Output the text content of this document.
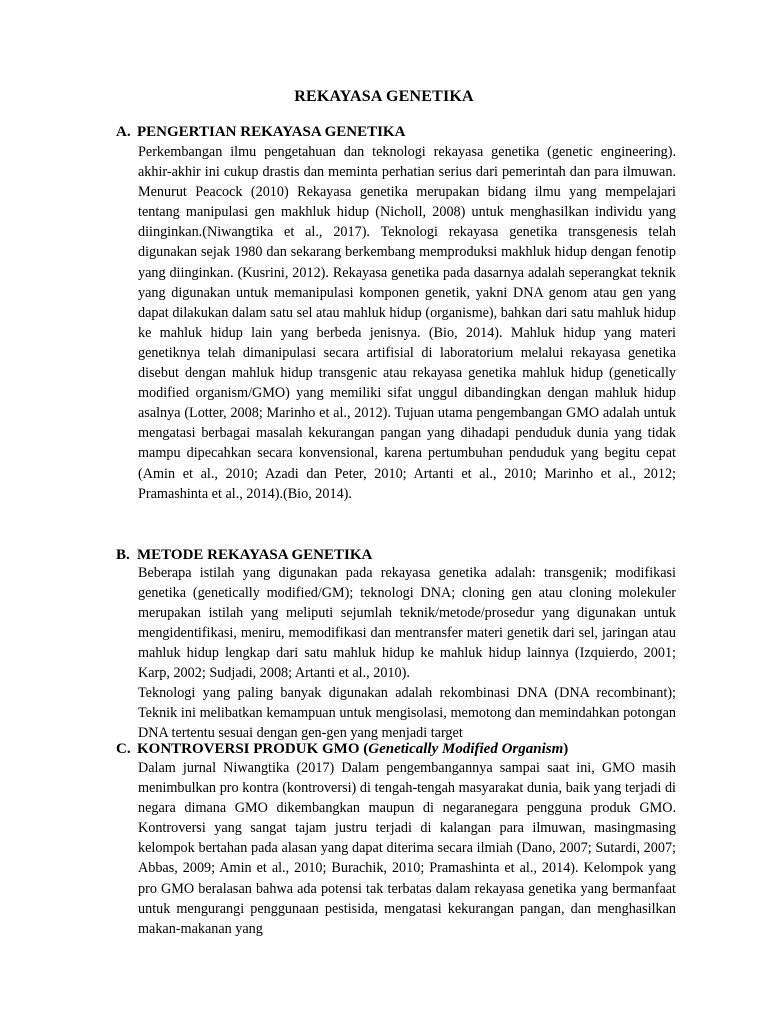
REKAYASA GENETIKA
A. PENGERTIAN REKAYASA GENETIKA
Perkembangan ilmu pengetahuan dan teknologi rekayasa genetika (genetic engineering). akhir-akhir ini cukup drastis dan meminta perhatian serius dari pemerintah dan para ilmuwan. Menurut Peacock (2010) Rekayasa genetika merupakan bidang ilmu yang mempelajari tentang manipulasi gen makhluk hidup (Nicholl, 2008) untuk menghasilkan individu yang diinginkan.(Niwangtika et al., 2017). Teknologi rekayasa genetika transgenesis telah digunakan sejak 1980 dan sekarang berkembang memproduksi makhluk hidup dengan fenotip yang diinginkan. (Kusrini, 2012). Rekayasa genetika pada dasarnya adalah seperangkat teknik yang digunakan untuk memanipulasi komponen genetik, yakni DNA genom atau gen yang dapat dilakukan dalam satu sel atau mahluk hidup (organisme), bahkan dari satu mahluk hidup ke mahluk hidup lain yang berbeda jenisnya. (Bio, 2014). Mahluk hidup yang materi genetiknya telah dimanipulasi secara artifisial di laboratorium melalui rekayasa genetika disebut dengan mahluk hidup transgenic atau rekayasa genetika mahluk hidup (genetically modified organism/GMO) yang memiliki sifat unggul dibandingkan dengan mahluk hidup asalnya (Lotter, 2008; Marinho et al., 2012). Tujuan utama pengembangan GMO adalah untuk mengatasi berbagai masalah kekurangan pangan yang dihadapi penduduk dunia yang tidak mampu dipecahkan secara konvensional, karena pertumbuhan penduduk yang begitu cepat (Amin et al., 2010; Azadi dan Peter, 2010; Artanti et al., 2010; Marinho et al., 2012; Pramashinta et al., 2014).(Bio, 2014).
B. METODE REKAYASA GENETIKA
Beberapa istilah yang digunakan pada rekayasa genetika adalah: transgenik; modifikasi genetika (genetically modified/GM); teknologi DNA; cloning gen atau cloning molekuler merupakan istilah yang meliputi sejumlah teknik/metode/prosedur yang digunakan untuk mengidentifikasi, meniru, memodifikasi dan mentransfer materi genetik dari sel, jaringan atau mahluk hidup lengkap dari satu mahluk hidup ke mahluk hidup lainnya (Izquierdo, 2001; Karp, 2002; Sudjadi, 2008; Artanti et al., 2010).
Teknologi yang paling banyak digunakan adalah rekombinasi DNA (DNA recombinant); Teknik ini melibatkan kemampuan untuk mengisolasi, memotong dan memindahkan potongan DNA tertentu sesuai dengan gen-gen yang menjadi target
C. KONTROVERSI PRODUK GMO (Genetically Modified Organism)
Dalam jurnal Niwangtika (2017) Dalam pengembangannya sampai saat ini, GMO masih menimbulkan pro kontra (kontroversi) di tengah-tengah masyarakat dunia, baik yang terjadi di negara dimana GMO dikembangkan maupun di negaranegara pengguna produk GMO. Kontroversi yang sangat tajam justru terjadi di kalangan para ilmuwan, masingmasing kelompok bertahan pada alasan yang dapat diterima secara ilmiah (Dano, 2007; Sutardi, 2007; Abbas, 2009; Amin et al., 2010; Burachik, 2010; Pramashinta et al., 2014). Kelompok yang pro GMO beralasan bahwa ada potensi tak terbatas dalam rekayasa genetika yang bermanfaat untuk mengurangi penggunaan pestisida, mengatasi kekurangan pangan, dan menghasilkan makan-makanan yang
